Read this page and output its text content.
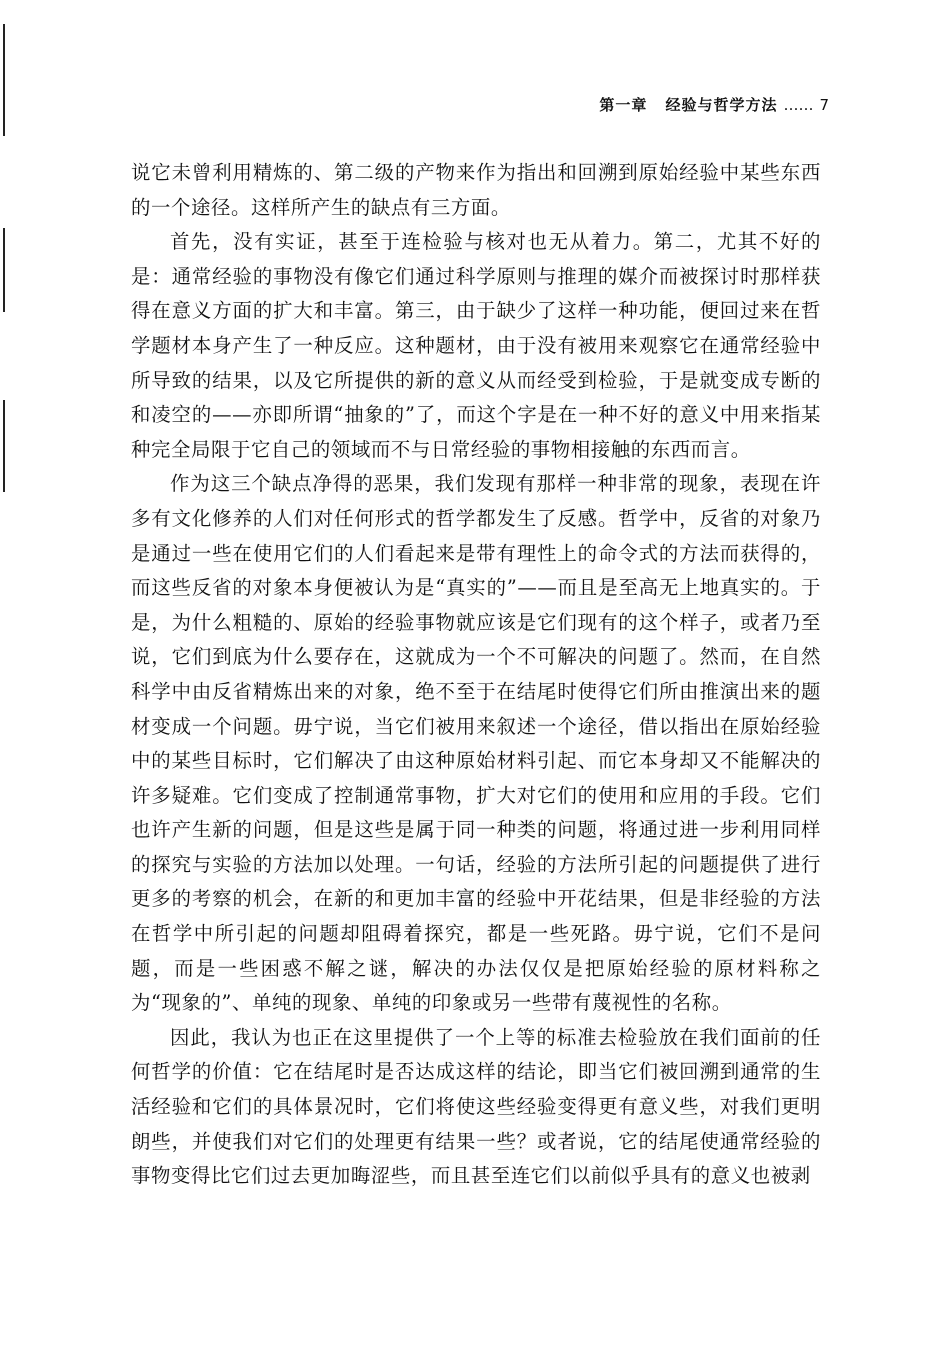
第一章 经验与哲学方法 …… 7

说它未曾利用精炼的、第二级的产物来作为指出和回溯到原始经验中某些东西的一个途径。这样所产生的缺点有三方面。

首先，没有实证，甚至于连检验与核对也无从着力。第二，尤其不好的是：通常经验的事物没有像它们通过科学原则与推理的媒介而被探讨时那样获得在意义方面的扩大和丰富。第三，由于缺少了这样一种功能，便回过来在哲学题材本身产生了一种反应。这种题材，由于没有被用来观察它在通常经验中所导致的结果，以及它所提供的新的意义从而经受到检验，于是就变成专断的和凌空的——亦即所谓“抽象的”了，而这个字是在一种不好的意义中用来指某种完全局限于它自己的领域而不与日常经验的事物相接触的东西而言。

作为这三个缺点净得的恶果，我们发现有那样一种非常的现象，表现在许多有文化修养的人们对任何形式的哲学都发生了反感。哲学中，反省的对象乃是通过一些在使用它们的人们看起来是带有理性上的命令式的方法而获得的，而这些反省的对象本身便被认为是“真实的”——而且是至高无上地真实的。于是，为什么粗糙的、原始的经验事物就应该是它们现有的这个样子，或者乃至说，它们到底为什么要存在，这就成为一个不可解决的问题了。然而，在自然科学中由反省精炼出来的对象，绝不至于在结尾时使得它们所由推演出来的题材变成一个问题。毋宁说，当它们被用来叙述一个途径，借以指出在原始经验中的某些目标时，它们解决了由这种原始材料引起、而它本身却又不能解决的许多疑难。它们变成了控制通常事物，扩大对它们的使用和应用的手段。它们也许产生新的问题，但是这些是属于同一种类的问题，将通过进一步利用同样的探究与实验的方法加以处理。一句话，经验的方法所引起的问题提供了进行更多的考察的机会，在新的和更加丰富的经验中开花结果，但是非经验的方法在哲学中所引起的问题却阻碍着探究，都是一些死路。毋宁说，它们不是问题，而是一些困惑不解之谜，解决的办法仅仅是把原始经验的原材料称之为“现象的”、单纯的现象、单纯的印象或另一些带有蔑视性的名称。

因此，我认为也正在这里提供了一个上等的标准去检验放在我们面前的任何哲学的价值：它在结尾时是否达成这样的结论，即当它们被回溯到通常的生活经验和它们的具体景况时，它们将使这些经验变得更有意义些，对我们更明朗些，并使我们对它们的处理更有结果一些？或者说，它的结尾使通常经验的事物变得比它们过去更加晦涩些，而且甚至连它们以前似乎具有的意义也被剥
